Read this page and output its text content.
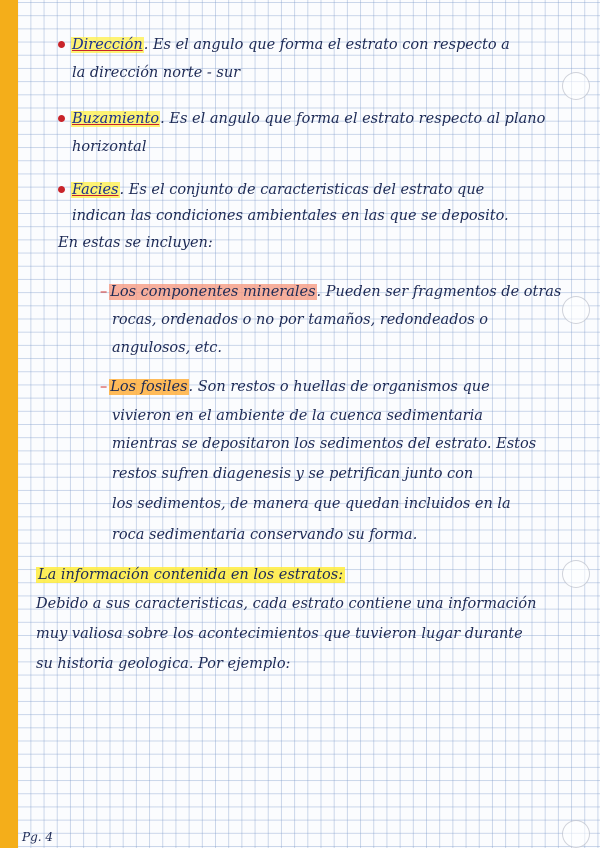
Dirección. Es el angulo que forma el estrato con respecto a
la dirección norte - sur
Buzamiento. Es el angulo que forma el estrato respecto al plano
horizontal
Facies. Es el conjunto de caracteristicas del estrato que
indican las condiciones ambientales en las que se deposito.
En estas se incluyen:
– Los componentes minerales. Pueden ser fragmentos de otras
rocas, ordenados o no por tamaños, redondeados o
angulosos, etc.
– Los fosiles. Son restos o huellas de organismos que
vivieron en el ambiente de la cuenca sedimentaria
mientras se depositaron los sedimentos del estrato. Estos
restos sufren diagenesis y se petrifican junto con
los sedimentos, de manera que quedan incluidos en la
roca sedimentaria conservando su forma.
La información contenida en los estratos:
Debido a sus caracteristicas, cada estrato contiene una información
muy valiosa sobre los acontecimientos que tuvieron lugar durante
su historia geologica. Por ejemplo:
Pg. 4
